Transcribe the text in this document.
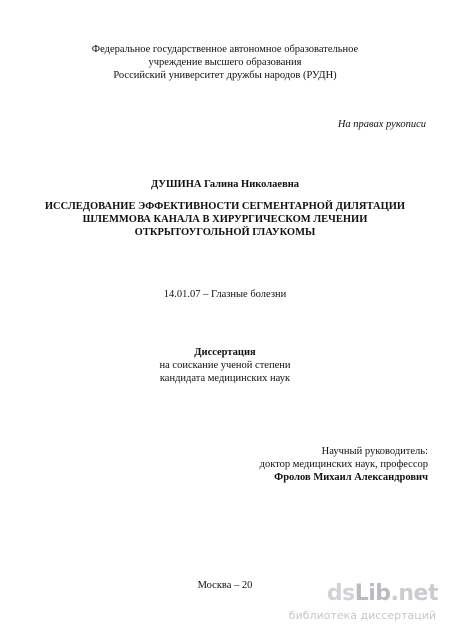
Федеральное государственное автономное образовательное
учреждение высшего образования
Российский университет дружбы народов (РУДН)
На правах рукописи
ДУШИНА Галина Николаевна
ИССЛЕДОВАНИЕ ЭФФЕКТИВНОСТИ СЕГМЕНТАРНОЙ ДИЛЯТАЦИИ
ШЛЕММОВА КАНАЛА В ХИРУРГИЧЕСКОМ ЛЕЧЕНИИ
ОТКРЫТОУГОЛЬНОЙ ГЛАУКОМЫ
14.01.07 – Глазные болезни
Диссертация
на соискание ученой степени
кандидата медицинских наук
Научный руководитель:
доктор медицинских наук, профессор
Фролов Михаил Александрович
Москва – 20	dsLib.net
библиотека диссертаций
